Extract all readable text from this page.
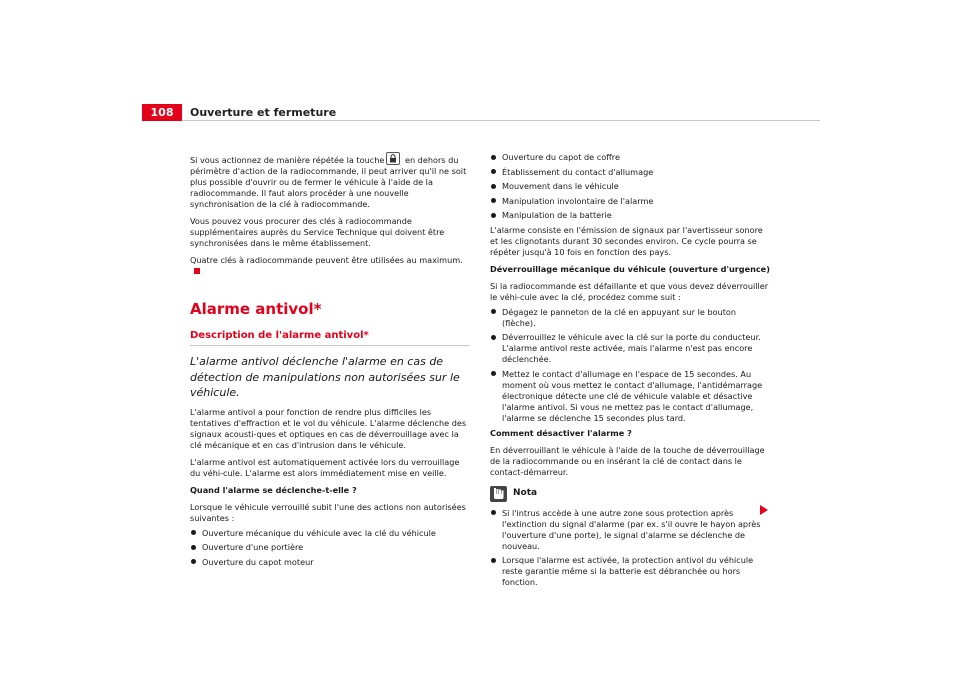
108	Ouverture et fermeture

Si vous actionnez de manière répétée la touche
en dehors du périmètre d'action de la radiocommande, il peut arriver qu'il ne soit plus possible d'ouvrir ou de fermer le véhicule à l'aide de la radiocommande. Il faut alors procéder à une nouvelle synchronisation de la clé à radiocommande.

Vous pouvez vous procurer des clés à radiocommande supplémentaires auprès du Service Technique qui doivent être synchronisées dans le même établissement.

Quatre clés à radiocommande peuvent être utilisées au maximum.

Alarme antivol*
Description de l'alarme antivol*

L'alarme antivol déclenche l'alarme en cas de détection de manipulations non autorisées sur le véhicule.

L'alarme antivol a pour fonction de rendre plus difficiles les tentatives d'effraction et le vol du véhicule. L'alarme déclenche des signaux acousti-ques et optiques en cas de déverrouillage avec la clé mécanique et en cas d'intrusion dans le véhicule.

L'alarme antivol est automatiquement activée lors du verrouillage du véhi-cule. L'alarme est alors immédiatement mise en veille.

Quand l'alarme se déclenche-t-elle ?

Lorsque le véhicule verrouillé subit l'une des actions non autorisées suivantes :

Ouverture mécanique du véhicule avec la clé du véhicule
Ouverture d'une portière
Ouverture du capot moteur
Ouverture du capot de coffre
Établissement du contact d'allumage
Mouvement dans le véhicule
Manipulation involontaire de l'alarme
Manipulation de la batterie

L'alarme consiste en l'émission de signaux par l'avertisseur sonore et les clignotants durant 30 secondes environ. Ce cycle pourra se répéter jusqu'à 10 fois en fonction des pays.

Déverrouillage mécanique du véhicule (ouverture d'urgence)

Si la radiocommande est défaillante et que vous devez déverrouiller le véhi-cule avec la clé, procédez comme suit :

Dégagez le panneton de la clé en appuyant sur le bouton (flèche).
Déverrouillez le véhicule avec la clé sur la porte du conducteur. L'alarme antivol reste activée, mais l'alarme n'est pas encore déclenchée.
Mettez le contact d'allumage en l'espace de 15 secondes. Au moment où vous mettez le contact d'allumage, l'antidémarrage électronique détecte une clé de véhicule valable et désactive l'alarme antivol. Si vous ne mettez pas le contact d'allumage, l'alarme se déclenche 15 secondes plus tard.

Comment désactiver l'alarme ?

En déverrouillant le véhicule à l'aide de la touche de déverrouillage de la radiocommande ou en insérant la clé de contact dans le contact-démarreur.

Nota
Si l'intrus accède à une autre zone sous protection après l'extinction du signal d'alarme (par ex. s'il ouvre le hayon après l'ouverture d'une porte), le signal d'alarme se déclenche de nouveau.
Lorsque l'alarme est activée, la protection antivol du véhicule reste garantie même si la batterie est débranchée ou hors fonction.
